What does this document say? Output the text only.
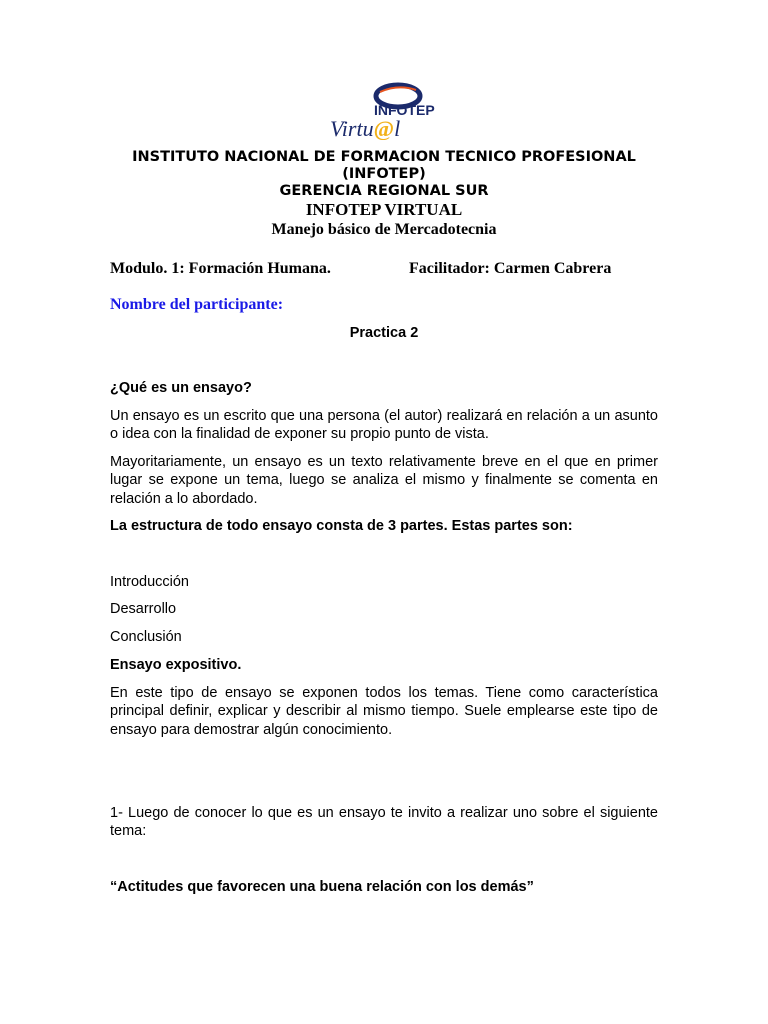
INFOTEP
Virtu@l
INSTITUTO NACIONAL DE FORMACION TECNICO PROFESIONAL
(INFOTEP)
GERENCIA REGIONAL SUR
INFOTEP VIRTUAL
Manejo básico de Mercadotecnia
Modulo. 1: Formación Humana.	Facilitador: Carmen Cabrera
Nombre del participante:
Practica 2
¿Qué es un ensayo?
Un ensayo es un escrito que una persona (el autor) realizará en relación a un asunto o idea con la finalidad de exponer su propio punto de vista.
Mayoritariamente, un ensayo es un texto relativamente breve en el que en primer lugar se expone un tema, luego se analiza el mismo y finalmente se comenta en relación a lo abordado.
La estructura de todo ensayo consta de 3 partes. Estas partes son:
Introducción
Desarrollo
Conclusión
Ensayo expositivo.
En este tipo de ensayo se exponen todos los temas. Tiene como característica principal definir, explicar y describir al mismo tiempo. Suele emplearse este tipo de ensayo para demostrar algún conocimiento.
1- Luego de conocer lo que es un ensayo te invito a realizar uno sobre el siguiente tema:
“Actitudes que favorecen una buena relación con los demás”
